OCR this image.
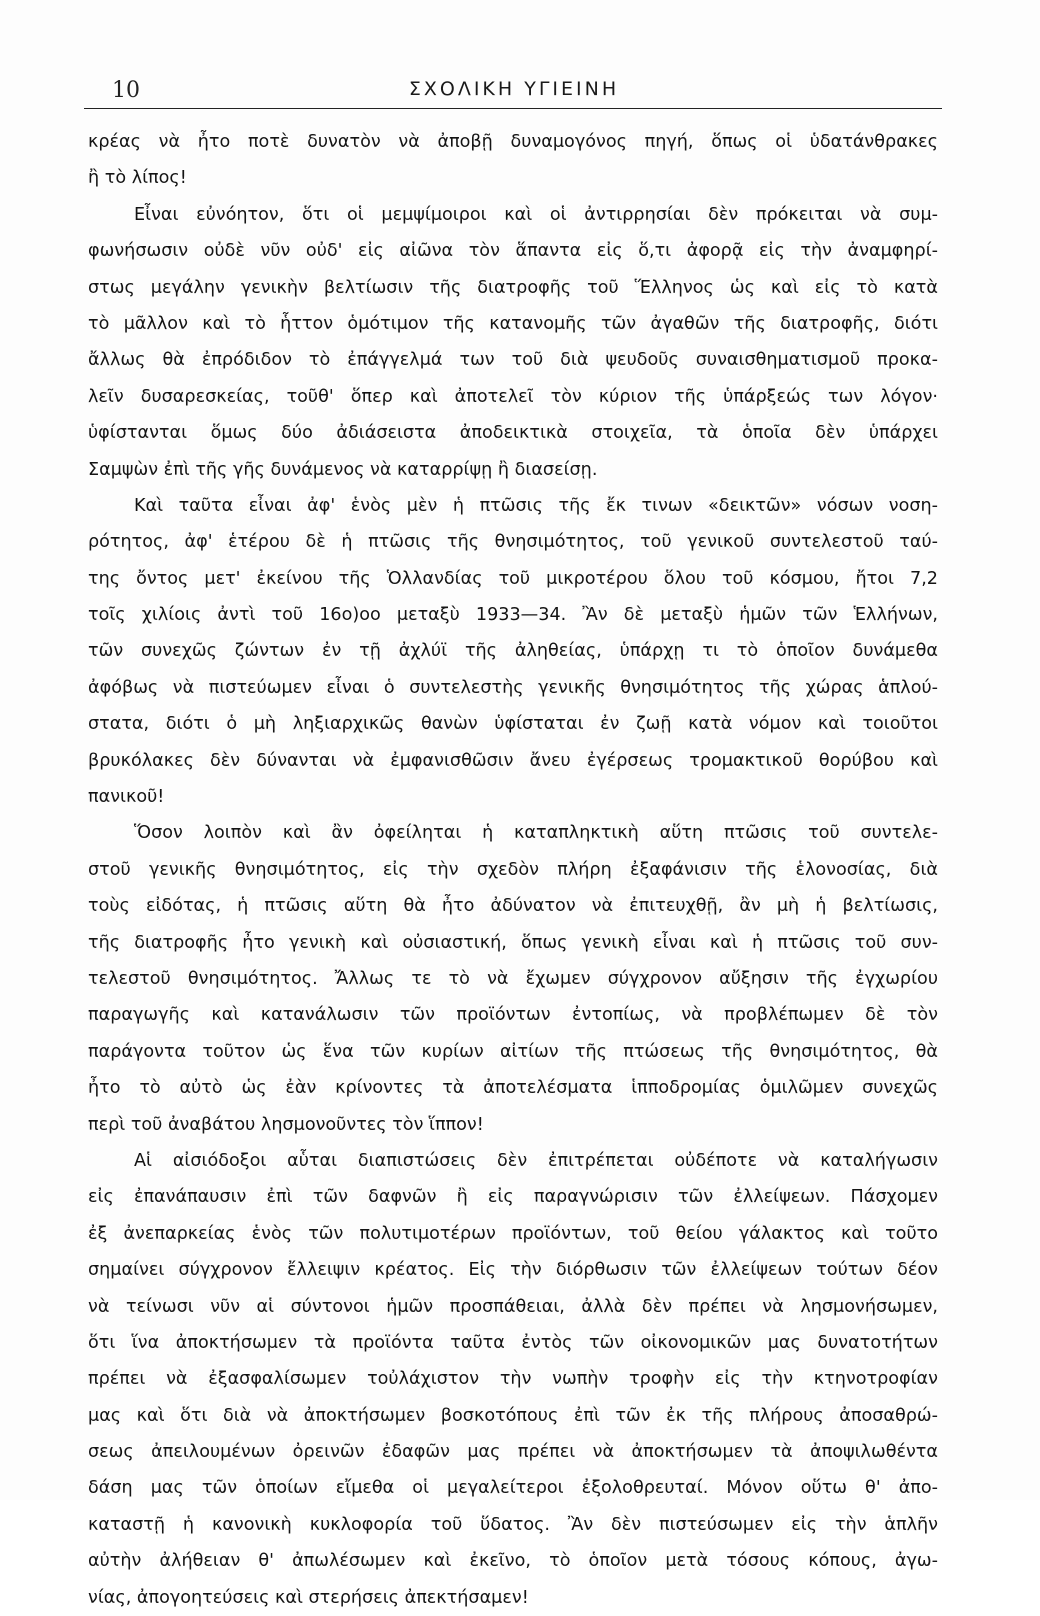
10	ΣΧΟΛΙΚΗ ΥΓΙΕΙΝΗ
κρέας νὰ ἦτο ποτὲ δυνατὸν νὰ ἀποβῇ δυναμογόνος πηγή, ὅπως οἱ ὑδατάνθρακες
ἢ τὸ λίπος!
Εἶναι εὐνόητον, ὅτι οἱ μεμψίμοιροι καὶ οἱ ἀντιρρησίαι δὲν πρόκειται νὰ συμ-
φωνήσωσιν οὐδὲ νῦν οὐδ' εἰς αἰῶνα τὸν ἅπαντα εἰς ὅ,τι ἀφορᾷ εἰς τὴν ἀναμφηρί-
στως μεγάλην γενικὴν βελτίωσιν τῆς διατροφῆς τοῦ Ἕλληνος ὡς καὶ εἰς τὸ κατὰ
τὸ μᾶλλον καὶ τὸ ἧττον ὁμότιμον τῆς κατανομῆς τῶν ἀγαθῶν τῆς διατροφῆς, διότι
ἄλλως θὰ ἐπρόδιδον τὸ ἐπάγγελμά των τοῦ διὰ ψευδοῦς συναισθηματισμοῦ προκα-
λεῖν δυσαρεσκείας, τοῦθ' ὅπερ καὶ ἀποτελεῖ τὸν κύριον τῆς ὑπάρξεώς των λόγον·
ὑφίστανται ὅμως δύο ἀδιάσειστα ἀποδεικτικὰ στοιχεῖα, τὰ ὁποῖα δὲν ὑπάρχει
Σαμψὼν ἐπὶ τῆς γῆς δυνάμενος νὰ καταρρίψῃ ἢ διασείσῃ.
Καὶ ταῦτα εἶναι ἀφ' ἑνὸς μὲν ἡ πτῶσις τῆς ἔκ τινων «δεικτῶν» νόσων νοση-
ρότητος, ἀφ' ἑτέρου δὲ ἡ πτῶσις τῆς θνησιμότητος, τοῦ γενικοῦ συντελεστοῦ ταύ-
της ὄντος μετ' ἐκείνου τῆς Ὁλλανδίας τοῦ μικροτέρου ὅλου τοῦ κόσμου, ἤτοι 7,2
τοῖς χιλίοις ἀντὶ τοῦ 16ο)οο μεταξὺ 1933—34. Ἂν δὲ μεταξὺ ἡμῶν τῶν Ἑλλήνων,
τῶν συνεχῶς ζώντων ἐν τῇ ἀχλύϊ τῆς ἀληθείας, ὑπάρχῃ τι τὸ ὁποῖον δυνάμεθα
ἀφόβως νὰ πιστεύωμεν εἶναι ὁ συντελεστὴς γενικῆς θνησιμότητος τῆς χώρας ἁπλού-
στατα, διότι ὁ μὴ ληξιαρχικῶς θανὼν ὑφίσταται ἐν ζωῇ κατὰ νόμον καὶ τοιοῦτοι
βρυκόλακες δὲν δύνανται νὰ ἐμφανισθῶσιν ἄνευ ἐγέρσεως τρομακτικοῦ θορύβου καὶ
πανικοῦ!
Ὅσον λοιπὸν καὶ ἂν ὀφείληται ἡ καταπληκτικὴ αὕτη πτῶσις τοῦ συντελε-
στοῦ γενικῆς θνησιμότητος, εἰς τὴν σχεδὸν πλήρη ἐξαφάνισιν τῆς ἑλονοσίας, διὰ
τοὺς εἰδότας, ἡ πτῶσις αὕτη θὰ ἦτο ἀδύνατον νὰ ἐπιτευχθῇ, ἂν μὴ ἡ βελτίωσις,
τῆς διατροφῆς ἦτο γενικὴ καὶ οὐσιαστική, ὅπως γενικὴ εἶναι καὶ ἡ πτῶσις τοῦ συν-
τελεστοῦ θνησιμότητος. Ἄλλως τε τὸ νὰ ἔχωμεν σύγχρονον αὔξησιν τῆς ἐγχωρίου
παραγωγῆς καὶ κατανάλωσιν τῶν προϊόντων ἐντοπίως, νὰ προβλέπωμεν δὲ τὸν
παράγοντα τοῦτον ὡς ἕνα τῶν κυρίων αἰτίων τῆς πτώσεως τῆς θνησιμότητος, θὰ
ἦτο τὸ αὐτὸ ὡς ἐὰν κρίνοντες τὰ ἀποτελέσματα ἱπποδρομίας ὁμιλῶμεν συνεχῶς
περὶ τοῦ ἀναβάτου λησμονοῦντες τὸν ἵππον!
Αἱ αἰσιόδοξοι αὗται διαπιστώσεις δὲν ἐπιτρέπεται οὐδέποτε νὰ καταλήγωσιν
εἰς ἐπανάπαυσιν ἐπὶ τῶν δαφνῶν ἢ εἰς παραγνώρισιν τῶν ἐλλείψεων. Πάσχομεν
ἐξ ἀνεπαρκείας ἑνὸς τῶν πολυτιμοτέρων προϊόντων, τοῦ θείου γάλακτος καὶ τοῦτο
σημαίνει σύγχρονον ἔλλειψιν κρέατος. Εἰς τὴν διόρθωσιν τῶν ἐλλείψεων τούτων δέον
νὰ τείνωσι νῦν αἱ σύντονοι ἡμῶν προσπάθειαι, ἀλλὰ δὲν πρέπει νὰ λησμονήσωμεν,
ὅτι ἵνα ἀποκτήσωμεν τὰ προϊόντα ταῦτα ἐντὸς τῶν οἰκονομικῶν μας δυνατοτήτων
πρέπει νὰ ἐξασφαλίσωμεν τοὐλάχιστον τὴν νωπὴν τροφὴν εἰς τὴν κτηνοτροφίαν
μας καὶ ὅτι διὰ νὰ ἀποκτήσωμεν βοσκοτόπους ἐπὶ τῶν ἐκ τῆς πλήρους ἀποσαθρώ-
σεως ἀπειλουμένων ὀρεινῶν ἐδαφῶν μας πρέπει νὰ ἀποκτήσωμεν τὰ ἀποψιλωθέντα
δάση μας τῶν ὁποίων εἴμεθα οἱ μεγαλείτεροι ἐξολοθρευταί. Μόνον οὕτω θ' ἀπο-
καταστῇ ἡ κανονικὴ κυκλοφορία τοῦ ὕδατος. Ἂν δὲν πιστεύσωμεν εἰς τὴν ἁπλῆν
αὐτὴν ἀλήθειαν θ' ἀπωλέσωμεν καὶ ἐκεῖνο, τὸ ὁποῖον μετὰ τόσους κόπους, ἀγω-
νίας, ἀπογοητεύσεις καὶ στερήσεις ἀπεκτήσαμεν!
